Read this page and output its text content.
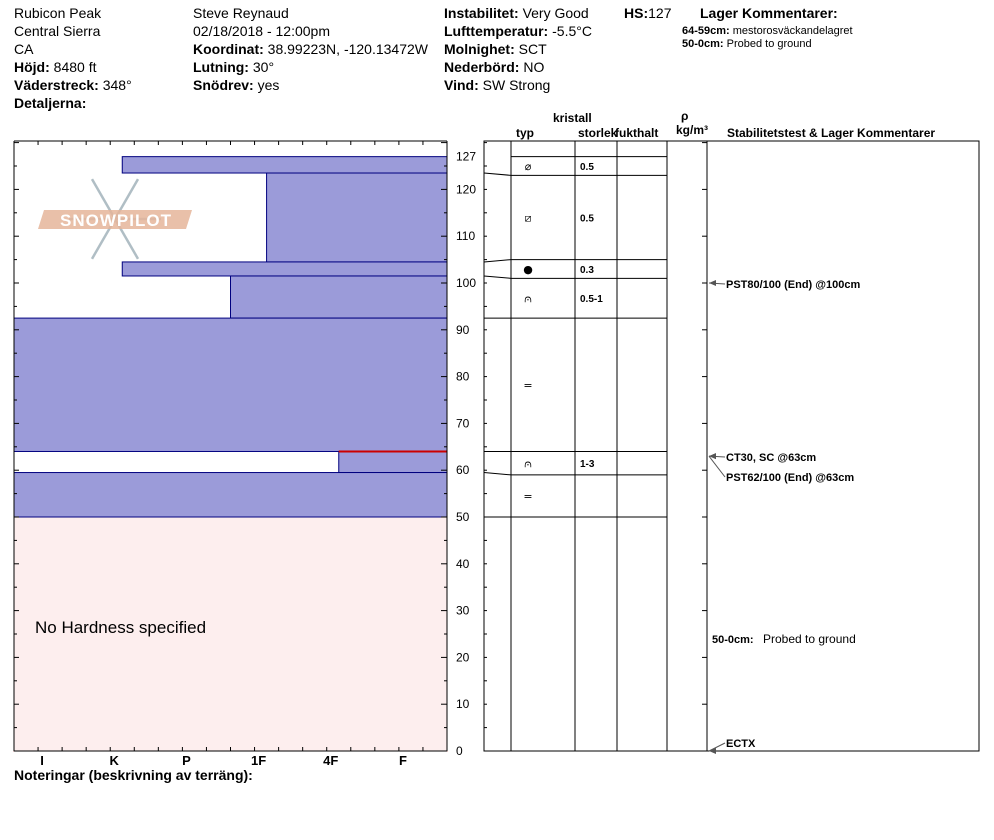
Rubicon Peak
Central Sierra
CA
Höjd: 8480 ft
Väderstreck: 348°
Detaljerna:
Steve Reynaud
02/18/2018 - 12:00pm
Koordinat: 38.99223N, -120.13472W
Lutning: 30°
Snödrev: yes
Instabilitet: Very Good
Lufttemperatur: -5.5°C
Molnighet: SCT
Nederbörd: NO
Vind: SW Strong
HS:127 Lager Kommentarer:
64-59cm: mestorosväckandelagret
50-0cm: Probed to ground
No Hardness specified
SNOWPILOT
I	K	P	1F	4F	F
0
10
20
30
40
50
60
70
80
90
100
110
120
127
typ
kristall
storlek
fukthalt
ρ
kg/m³ Stabilitetstest & Lager Kommentarer
⌀	0.5
⧄	0.5
●	0.3
⩀	0.5-1
=
⩀	1-3
=
PST80/100 (End) @100cm
CT30, SC @63cm
PST62/100 (End) @63cm
ECTX
50-0cm: Probed to ground
Noteringar (beskrivning av terräng):
